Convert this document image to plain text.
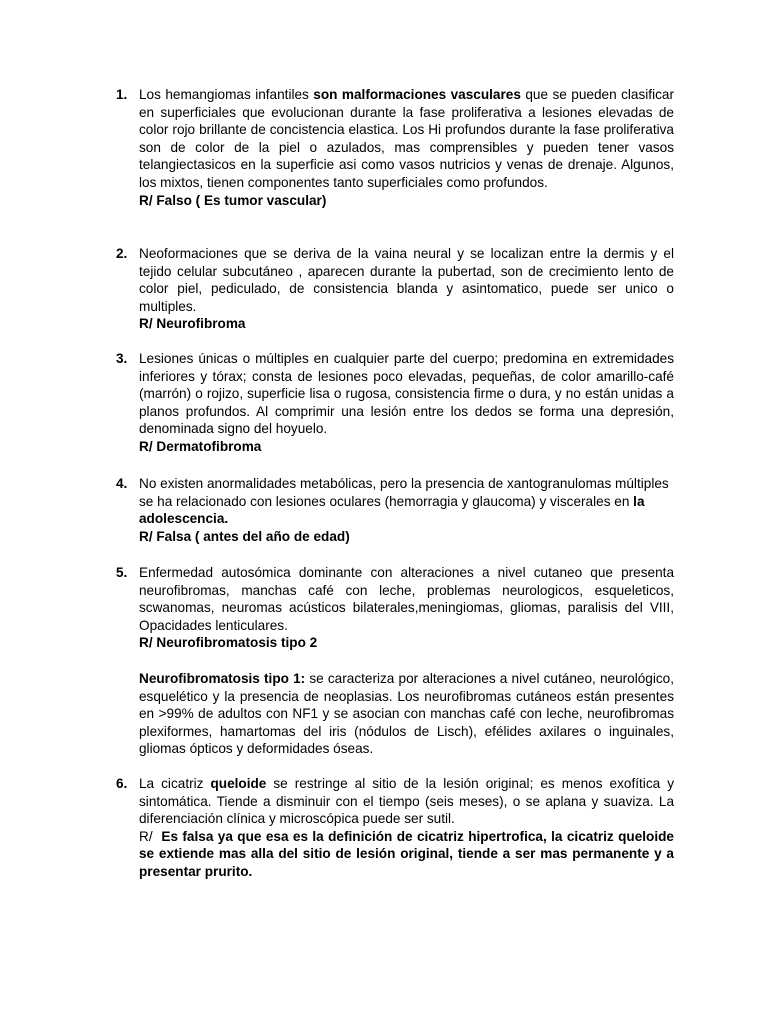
1. Los hemangiomas infantiles son malformaciones vasculares que se pueden clasificar en superficiales que evolucionan durante la fase proliferativa a lesiones elevadas de color rojo brillante de concistencia elastica. Los Hi profundos durante la fase proliferativa son de color de la piel o azulados, mas comprensibles y pueden tener vasos telangiectasicos en la superficie asi como vasos nutricios y venas de drenaje. Algunos, los mixtos, tienen componentes tanto superficiales como profundos.

R/ Falso ( Es tumor vascular)

2. Neoformaciones que se deriva de la vaina neural y se localizan entre la dermis y el tejido celular subcutáneo , aparecen durante la pubertad, son de crecimiento lento de color piel, pediculado, de consistencia blanda y asintomatico, puede ser unico o multiples.

R/ Neurofibroma

3. Lesiones únicas o múltiples en cualquier parte del cuerpo; predomina en extremidades inferiores y tórax; consta de lesiones poco elevadas, pequeñas, de color amarillo-café (marrón) o rojizo, superficie lisa o rugosa, consistencia firme o dura, y no están unidas a planos profundos. Al comprimir una lesión entre los dedos se forma una depresión, denominada signo del hoyuelo.

R/ Dermatofibroma

4. No existen anormalidades metabólicas, pero la presencia de xantogranulomas múltiples se ha relacionado con lesiones oculares (hemorragia y glaucoma) y viscerales en la adolescencia.

R/ Falsa ( antes del año de edad)

5. Enfermedad autosómica dominante con alteraciones a nivel cutaneo que presenta neurofibromas, manchas café con leche, problemas neurologicos, esqueleticos, scwanomas, neuromas acústicos bilaterales,meningiomas, gliomas, paralisis del VIII, Opacidades lenticulares.

R/ Neurofibromatosis tipo 2

Neurofibromatosis tipo 1: se caracteriza por alteraciones a nivel cutáneo, neurológico, esquelético y la presencia de neoplasias. Los neurofibromas cutáneos están presentes en >99% de adultos con NF1 y se asocian con manchas café con leche, neurofibromas plexiformes, hamartomas del iris (nódulos de Lisch), efélides axilares o inguinales, gliomas ópticos y deformidades óseas.

6. La cicatriz queloide se restringe al sitio de la lesión original; es menos exofítica y sintomática. Tiende a disminuir con el tiempo (seis meses), o se aplana y suaviza. La diferenciación clínica y microscópica puede ser sutil.

R/  Es falsa ya que esa es la definición de cicatriz hipertrofica, la cicatriz queloide se extiende mas alla del sitio de lesión original, tiende a ser mas permanente y a presentar prurito.
